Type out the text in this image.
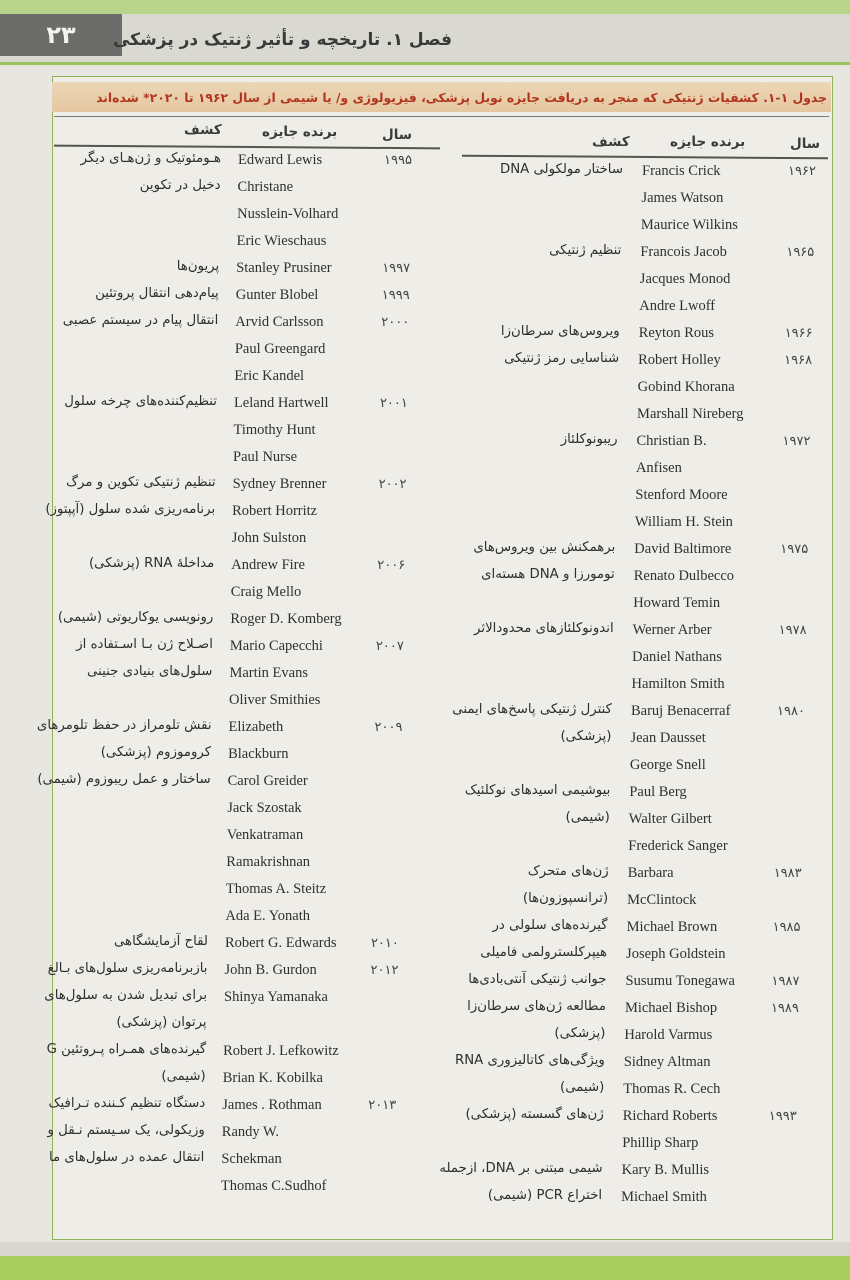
۲۳	فصل ۱. تاریخچه و تأثیر ژنتیک در پزشکی
جدول ۱-۱. کشفیات ژنتیکی که منجر به دریافت جایزه نوبل پزشکی، فیزیولوژی و/ یا شیمی از سال ۱۹۶۲ تا ۲۰۲۰* شده‌اند
سال
برنده جایزه
کشف
سال
برنده جایزه
کشف
۱۹۶۲
Francis Crick
ساختار مولکولی DNA
James Watson
Maurice Wilkins
۱۹۶۵
Francois Jacob
تنظیم ژنتیکی
Jacques Monod
Andre Lwoff
۱۹۶۶
Reyton Rous
ویروس‌های سرطان‌زا
۱۹۶۸
Robert Holley
شناسایی رمز ژنتیکی
Gobind Khorana
Marshall Nireberg
۱۹۷۲
Christian B.
ریبونوکلئاز
Anfisen
Stenford Moore
William H. Stein
۱۹۷۵
David Baltimore
برهمکنش بین ویروس‌های
Renato Dulbecco
تومورزا و DNA هسته‌ای
Howard Temin
۱۹۷۸
Werner Arber
اندونوکلئازهای محدودالاثر
Daniel Nathans
Hamilton Smith
۱۹۸۰
Baruj Benacerraf
کنترل ژنتیکی پاسخ‌های ایمنی
Jean Dausset
(پزشکی)
George Snell
Paul Berg
بیوشیمی اسیدهای نوکلئیک
Walter Gilbert
(شیمی)
Frederick Sanger
۱۹۸۳
Barbara
ژن‌های متحرک
McClintock
(ترانسپوزون‌ها)
۱۹۸۵
Michael Brown
گیرنده‌های سلولی در
Joseph Goldstein
هیپرکلسترولمی فامیلی
۱۹۸۷
Susumu Tonegawa
جوانب ژنتیکی آنتی‌بادی‌ها
۱۹۸۹
Michael Bishop
مطالعه ژن‌های سرطان‌زا
Harold Varmus
(پزشکی)
Sidney Altman
ویژگی‌های کاتالیزوری RNA
Thomas R. Cech
(شیمی)
۱۹۹۳
Richard Roberts
ژن‌های گسسته (پزشکی)
Phillip Sharp
Kary B. Mullis
شیمی مبتنی بر DNA، ازجمله
Michael Smith
اختراع PCR (شیمی)
۱۹۹۵
Edward Lewis
هـومئوتیک و ژن‌هـای دیگر
Christane
دخیل در تکوین
Nusslein-Volhard
Eric Wieschaus
۱۹۹۷
Stanley Prusiner
پریون‌ها
۱۹۹۹
Gunter Blobel
پیام‌دهی انتقال پروتئین
۲۰۰۰
Arvid Carlsson
انتقال پیام در سیستم عصبی
Paul Greengard
Eric Kandel
۲۰۰۱
Leland Hartwell
تنظیم‌کننده‌های چرخه سلول
Timothy Hunt
Paul Nurse
۲۰۰۲
Sydney Brenner
تنظیم ژنتیکی تکوین و مرگ
Robert Horritz
برنامه‌ریزی شده سلول (آپپتوز)
John Sulston
۲۰۰۶
Andrew Fire
مداخلهٔ RNA (پزشکی)
Craig Mello
Roger D. Komberg
رونویسی یوکاریوتی (شیمی)
۲۰۰۷
Mario Capecchi
اصـلاح ژن بـا اسـتفاده از
Martin Evans
سلول‌های بنیادی جنینی
Oliver Smithies
۲۰۰۹
Elizabeth
نقش تلومراز در حفظ تلومرهای
Blackburn
کروموزوم (پزشکی)
Carol Greider
ساختار و عمل ریبوزوم (شیمی)
Jack Szostak
Venkatraman
Ramakrishnan
Thomas A. Steitz
Ada E. Yonath
۲۰۱۰
Robert G. Edwards
لقاح آزمایشگاهی
۲۰۱۲
John B. Gurdon
بازبرنامه‌ریزی سلول‌های بـالغ
Shinya Yamanaka
برای تبدیل شدن به سلول‌های
پرتوان (پزشکی)
Robert J. Lefkowitz
گیرنده‌های همـراه پـروتئین G
Brian K. Kobilka
(شیمی)
۲۰۱۳
James . Rothman
دستگاه تنظیم کـننده تـرافیک
Randy W.
وزیکولی، یک سـیستم نـقل و
Schekman
انتقال عمده در سلول‌های ما
Thomas C.Sudhof
